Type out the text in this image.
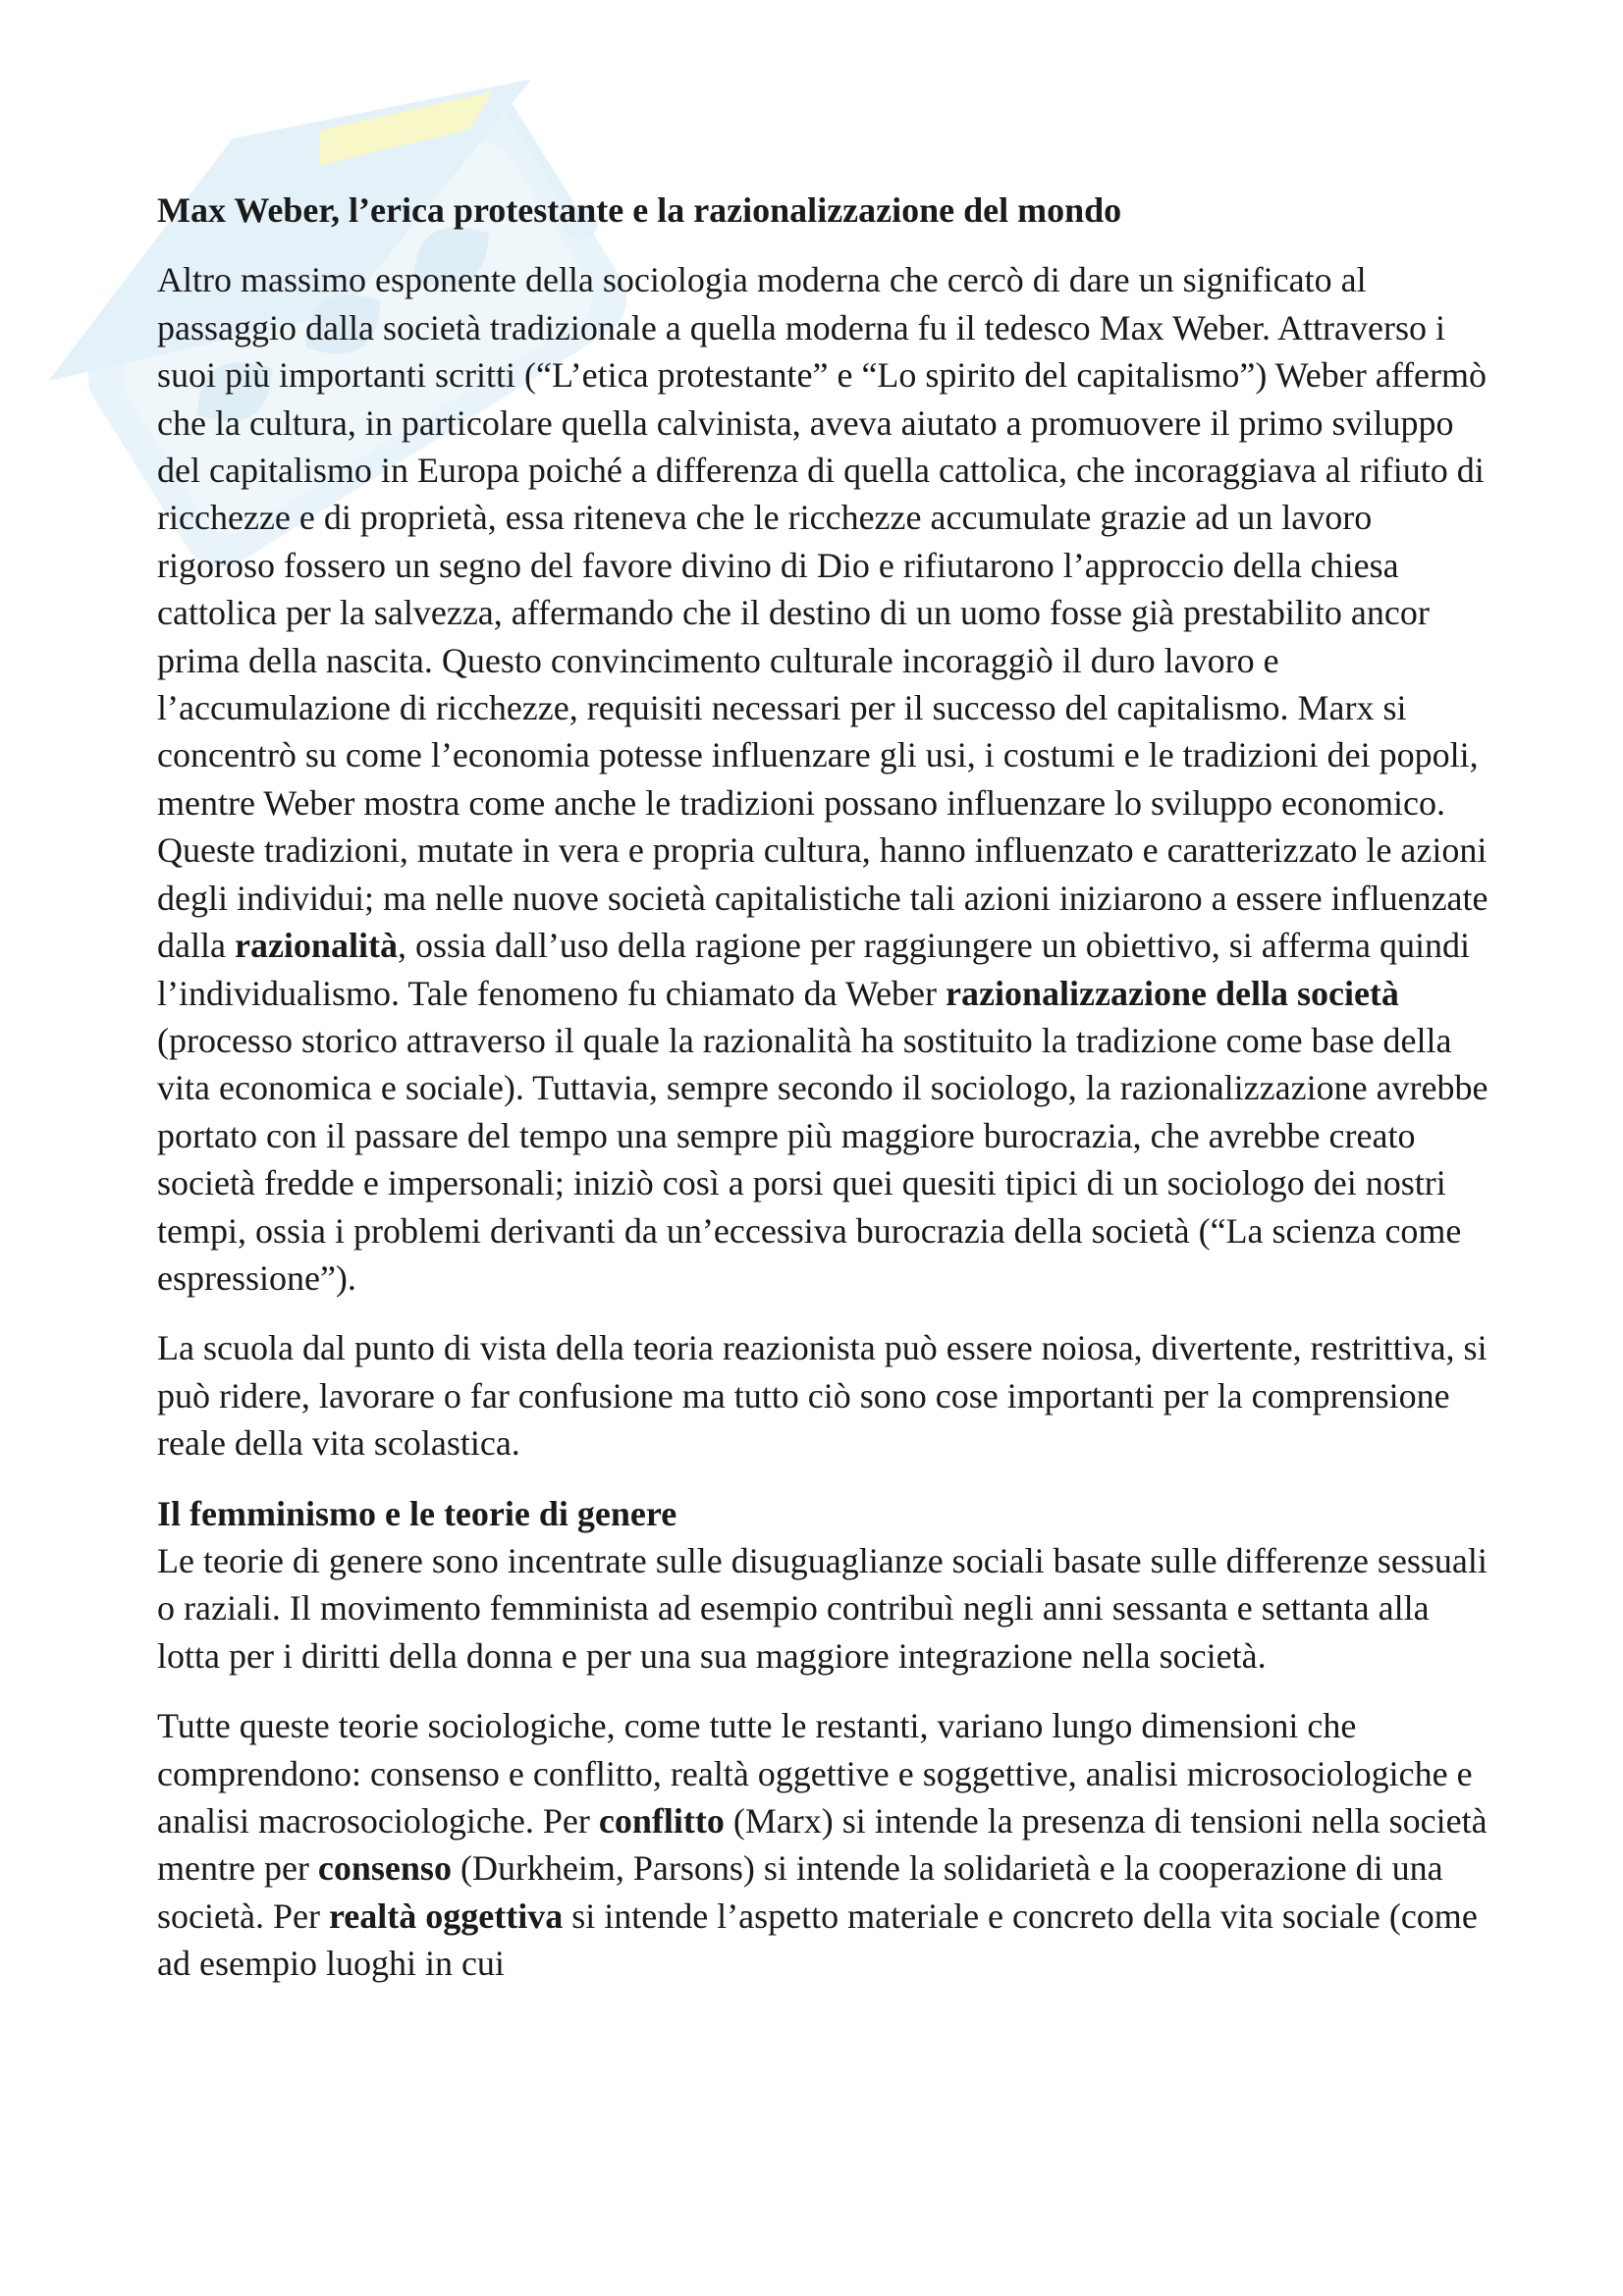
Max Weber, l’erica protestante e la razionalizzazione del mondo

Altro massimo esponente della sociologia moderna che cercò di dare un significato al passaggio dalla società tradizionale a quella moderna fu il tedesco Max Weber. Attraverso i suoi più importanti scritti (“L’etica protestante” e “Lo spirito del capitalismo”) Weber affermò che la cultura, in particolare quella calvinista, aveva aiutato a promuovere il primo sviluppo del capitalismo in Europa poiché a differenza di quella cattolica, che incoraggiava al rifiuto di ricchezze e di proprietà, essa riteneva che le ricchezze accumulate grazie ad un lavoro rigoroso fossero un segno del favore divino di Dio e rifiutarono l’approccio della chiesa cattolica per la salvezza, affermando che il destino di un uomo fosse già prestabilito ancor prima della nascita. Questo convincimento culturale incoraggiò il duro lavoro e l’accumulazione di ricchezze, requisiti necessari per il successo del capitalismo. Marx si concentrò su come l’economia potesse influenzare gli usi, i costumi e le tradizioni dei popoli, mentre Weber mostra come anche le tradizioni possano influenzare lo sviluppo economico. Queste tradizioni, mutate in vera e propria cultura, hanno influenzato e caratterizzato le azioni degli individui; ma nelle nuove società capitalistiche tali azioni iniziarono a essere influenzate dalla razionalità, ossia dall’uso della ragione per raggiungere un obiettivo, si afferma quindi l’individualismo. Tale fenomeno fu chiamato da Weber razionalizzazione della società (processo storico attraverso il quale la razionalità ha sostituito la tradizione come base della vita economica e sociale). Tuttavia, sempre secondo il sociologo, la razionalizzazione avrebbe portato con il passare del tempo una sempre più maggiore burocrazia, che avrebbe creato società fredde e impersonali; iniziò così a porsi quei quesiti tipici di un sociologo dei nostri tempi, ossia i problemi derivanti da un’eccessiva burocrazia della società (“La scienza come espressione”).

La scuola dal punto di vista della teoria reazionista può essere noiosa, divertente, restrittiva, si può ridere, lavorare o far confusione ma tutto ciò sono cose importanti per la comprensione reale della vita scolastica.

Il femminismo e le teorie di genere

Le teorie di genere sono incentrate sulle disuguaglianze sociali basate sulle differenze sessuali o raziali. Il movimento femminista ad esempio contribuì negli anni sessanta e settanta alla lotta per i diritti della donna e per una sua maggiore integrazione nella società.

Tutte queste teorie sociologiche, come tutte le restanti, variano lungo dimensioni che comprendono: consenso e conflitto, realtà oggettive e soggettive, analisi microsociologiche e analisi macrosociologiche. Per conflitto (Marx) si intende la presenza di tensioni nella società mentre per consenso (Durkheim, Parsons) si intende la solidarietà e la cooperazione di una società. Per realtà oggettiva si intende l’aspetto materiale e concreto della vita sociale (come ad esempio luoghi in cui
